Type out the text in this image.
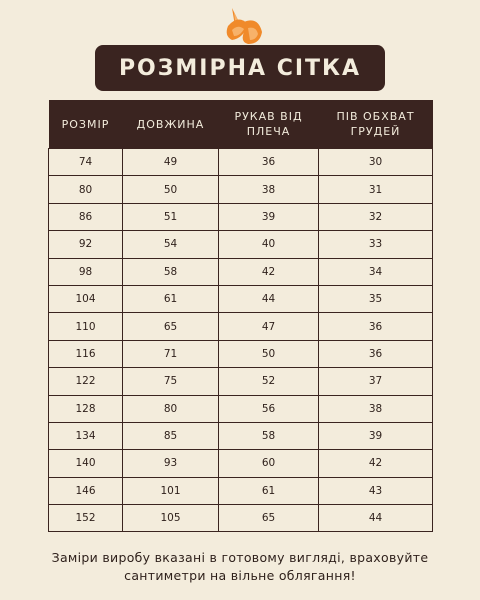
РОЗМІРНА СІТКА
РОЗМІР	ДОВЖИНА	РУКАВ ВІД ПЛЕЧА	ПІВ ОБХВАТ ГРУДЕЙ
74	49	36	30
80	50	38	31
86	51	39	32
92	54	40	33
98	58	42	34
104	61	44	35
110	65	47	36
116	71	50	36
122	75	52	37
128	80	56	38
134	85	58	39
140	93	60	42
146	101	61	43
152	105	65	44
Заміри виробу вказані в готовому вигляді, враховуйте
сантиметри на вільне облягання!
